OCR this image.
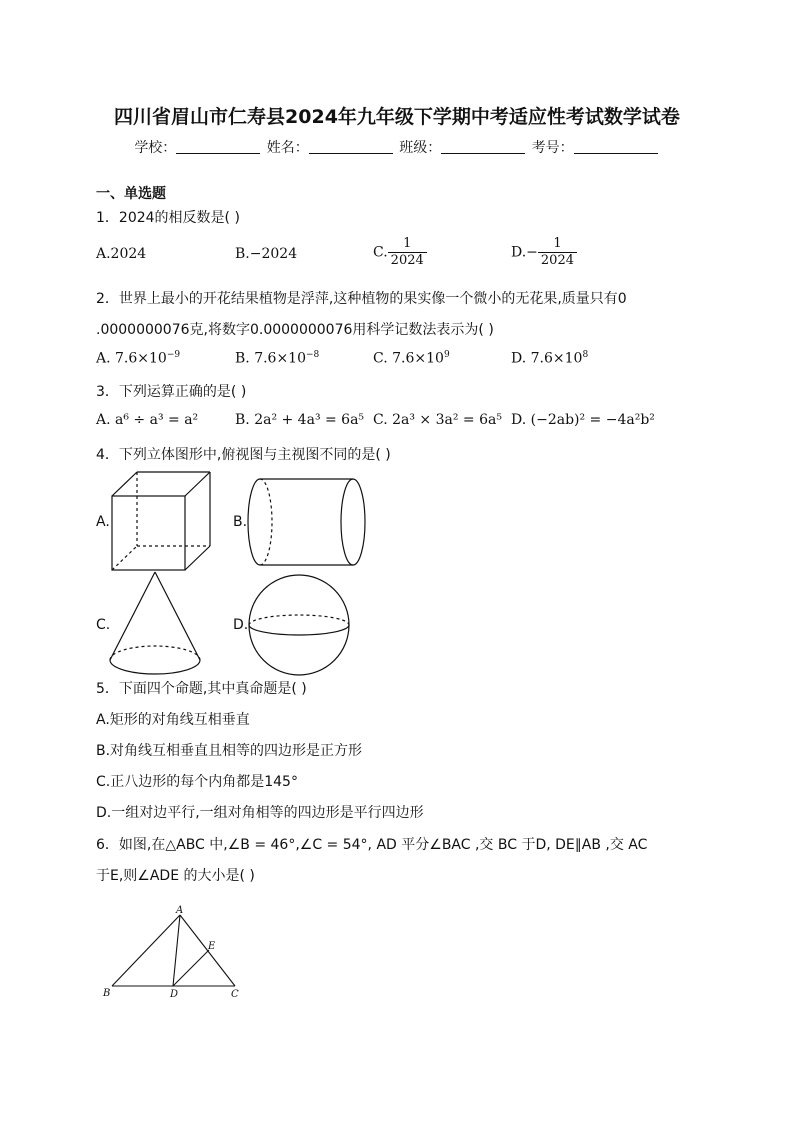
四川省眉山市仁寿县2024年九年级下学期中考适应性考试数学试卷
学校：	姓名：	班级：	考号：
一、单选题
1．2024的相反数是( )
A.2024	B.−2024	C. $\frac{1}{2024}$	$D.- \frac{1}{2024}$
2．世界上最小的开花结果植物是浮萍,这种植物的果实像一个微小的无花果,质量只有0
.0000000076克,将数字0.0000000076用科学记数法表示为( )
A. $7.6\times 10^{-9}$	B. $7.6\times 10^{-8}$	C. $7.6\times 10^9$	D. $7.6\times 10^8$
3．下列运算正确的是( )
A. a⁶ ÷ a³ = a²	B. 2a² + 4a³ = 6a⁵ C. 2a³ × 3a² = 6a⁵ D. (−2ab)² = −4a²b²
4．下列立体图形中,俯视图与主视图不同的是( )
A.	B.
C.	D.
5．下面四个命题,其中真命题是( )
A.矩形的对角线互相垂直
B.对角线互相垂直且相等的四边形是正方形
C.正八边形的每个内角都是145°
D.一组对边平行,一组对角相等的四边形是平行四边形
6．如图,在△ABC 中,∠B = 46°,∠C = 54°, AD 平分∠BAC ,交 BC 于D, DE∥AB ,交 AC
于E,则∠ADE 的大小是( )
A
B	D	C
E
